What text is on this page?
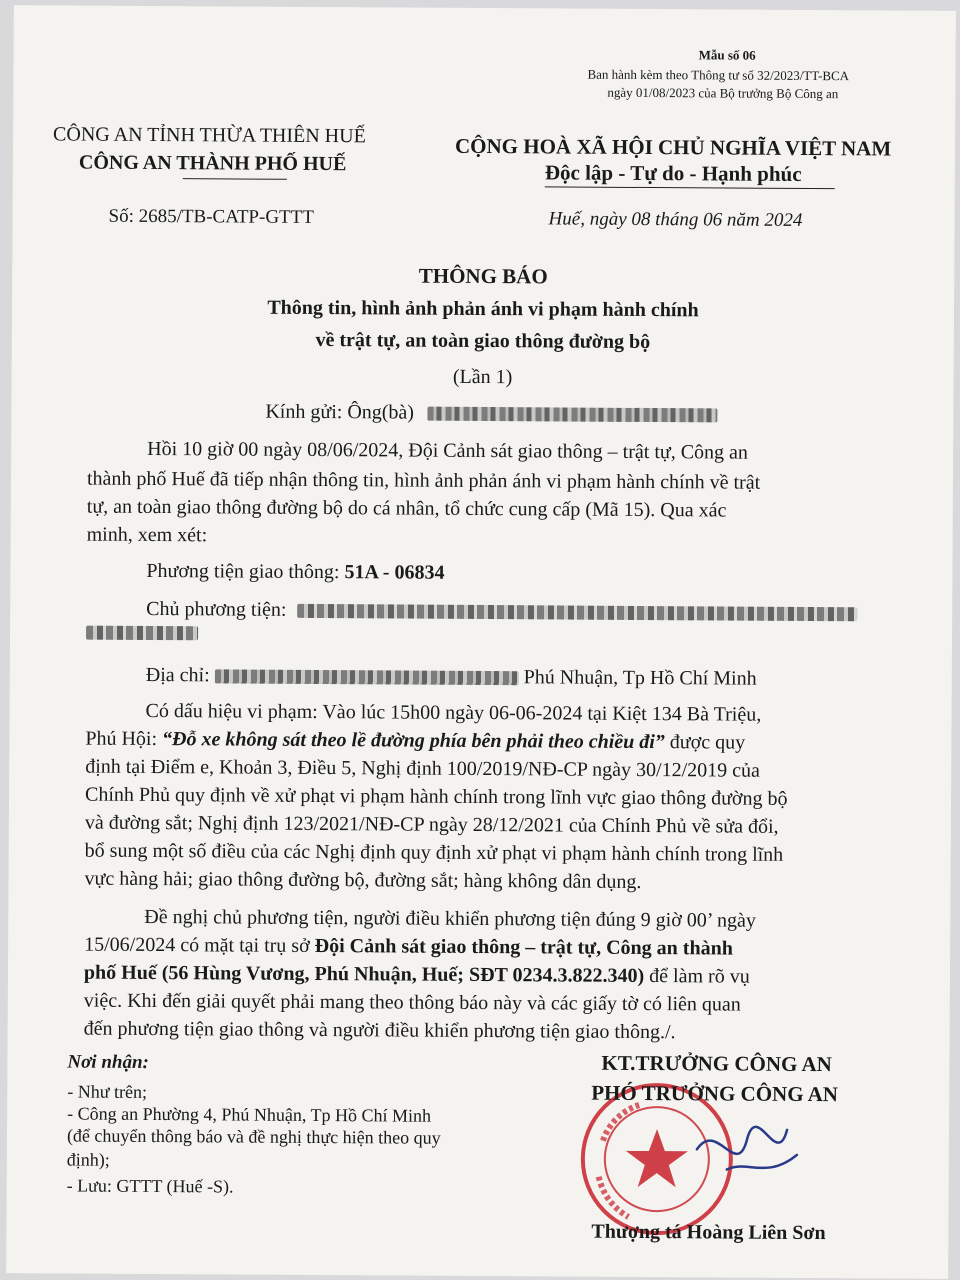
Mẫu số 06
Ban hành kèm theo Thông tư số 32/2023/TT-BCA
ngày 01/08/2023 của Bộ trưởng Bộ Công an
CÔNG AN TỈNH THỪA THIÊN HUẾ
CÔNG AN THÀNH PHỐ HUẾ
CỘNG HOÀ XÃ HỘI CHỦ NGHĨA VIỆT NAM
Độc lập - Tự do - Hạnh phúc
Số: 2685/TB-CATP-GTTT	Huế, ngày 08 tháng 06 năm 2024
THÔNG BÁO
Thông tin, hình ảnh phản ánh vi phạm hành chính
về trật tự, an toàn giao thông đường bộ
(Lần 1)
Kính gửi: Ông(bà)
Hồi 10 giờ 00 ngày 08/06/2024, Đội Cảnh sát giao thông – trật tự, Công an
thành phố Huế đã tiếp nhận thông tin, hình ảnh phản ánh vi phạm hành chính về trật
tự, an toàn giao thông đường bộ do cá nhân, tổ chức cung cấp (Mã 15). Qua xác
minh, xem xét:
Phương tiện giao thông: 51A - 06834
Chủ phương tiện:
Địa chỉ:	Phú Nhuận, Tp Hồ Chí Minh
Có dấu hiệu vi phạm: Vào lúc 15h00 ngày 06-06-2024 tại Kiệt 134 Bà Triệu,
Phú Hội: “Đỗ xe không sát theo lề đường phía bên phải theo chiều đi” được quy
định tại Điểm e, Khoản 3, Điều 5, Nghị định 100/2019/NĐ-CP ngày 30/12/2019 của
Chính Phủ quy định về xử phạt vi phạm hành chính trong lĩnh vực giao thông đường bộ
và đường sắt; Nghị định 123/2021/NĐ-CP ngày 28/12/2021 của Chính Phủ về sửa đổi,
bổ sung một số điều của các Nghị định quy định xử phạt vi phạm hành chính trong lĩnh
vực hàng hải; giao thông đường bộ, đường sắt; hàng không dân dụng.
Đề nghị chủ phương tiện, người điều khiển phương tiện đúng 9 giờ 00’ ngày
15/06/2024 có mặt tại trụ sở Đội Cảnh sát giao thông – trật tự, Công an thành
phố Huế (56 Hùng Vương, Phú Nhuận, Huế; SĐT 0234.3.822.340) để làm rõ vụ
việc. Khi đến giải quyết phải mang theo thông báo này và các giấy tờ có liên quan
đến phương tiện giao thông và người điều khiển phương tiện giao thông./.
Nơi nhận:
- Như trên;
- Công an Phường 4, Phú Nhuận, Tp Hồ Chí Minh
(để chuyển thông báo và đề nghị thực hiện theo quy
định);
- Lưu: GTTT (Huế -S).
KT.TRƯỞNG CÔNG AN
PHÓ TRƯỞNG CÔNG AN
Thượng tá Hoàng Liên Sơn
